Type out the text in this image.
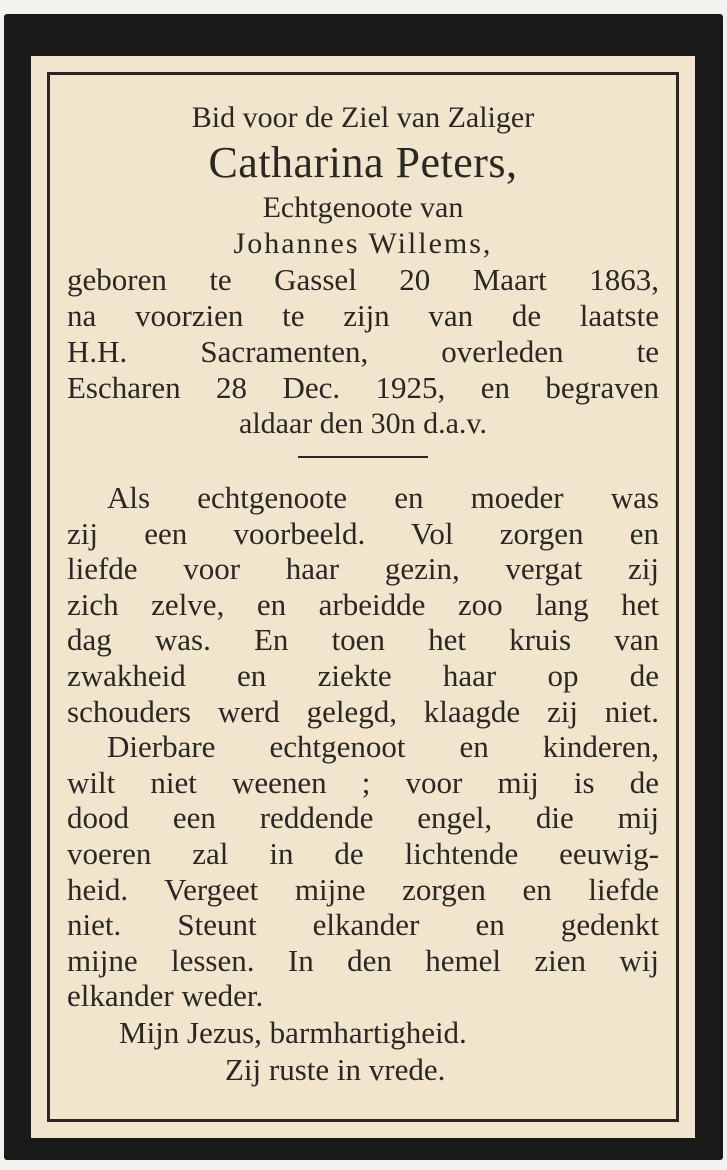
Bid voor de Ziel van Zaliger
Catharina Peters,
Echtgenoote van
Johannes Willems,
geboren te Gassel 20 Maart 1863,
na voorzien te zijn van de laatste
H.H. Sacramenten, overleden te
Escharen 28 Dec. 1925, en begraven
aldaar den 30n d.a.v.
Als echtgenoote en moeder was
zij een voorbeeld. Vol zorgen en
liefde voor haar gezin, vergat zij
zich zelve, en arbeidde zoo lang het
dag was. En toen het kruis van
zwakheid en ziekte haar op de
schouders werd gelegd, klaagde zij niet.
Dierbare echtgenoot en kinderen,
wilt niet weenen ; voor mij is de
dood een reddende engel, die mij
voeren zal in de lichtende eeuwig-
heid. Vergeet mijne zorgen en liefde
niet. Steunt elkander en gedenkt
mijne lessen. In den hemel zien wij
elkander weder.
Mijn Jezus, barmhartigheid.
Zij ruste in vrede.
